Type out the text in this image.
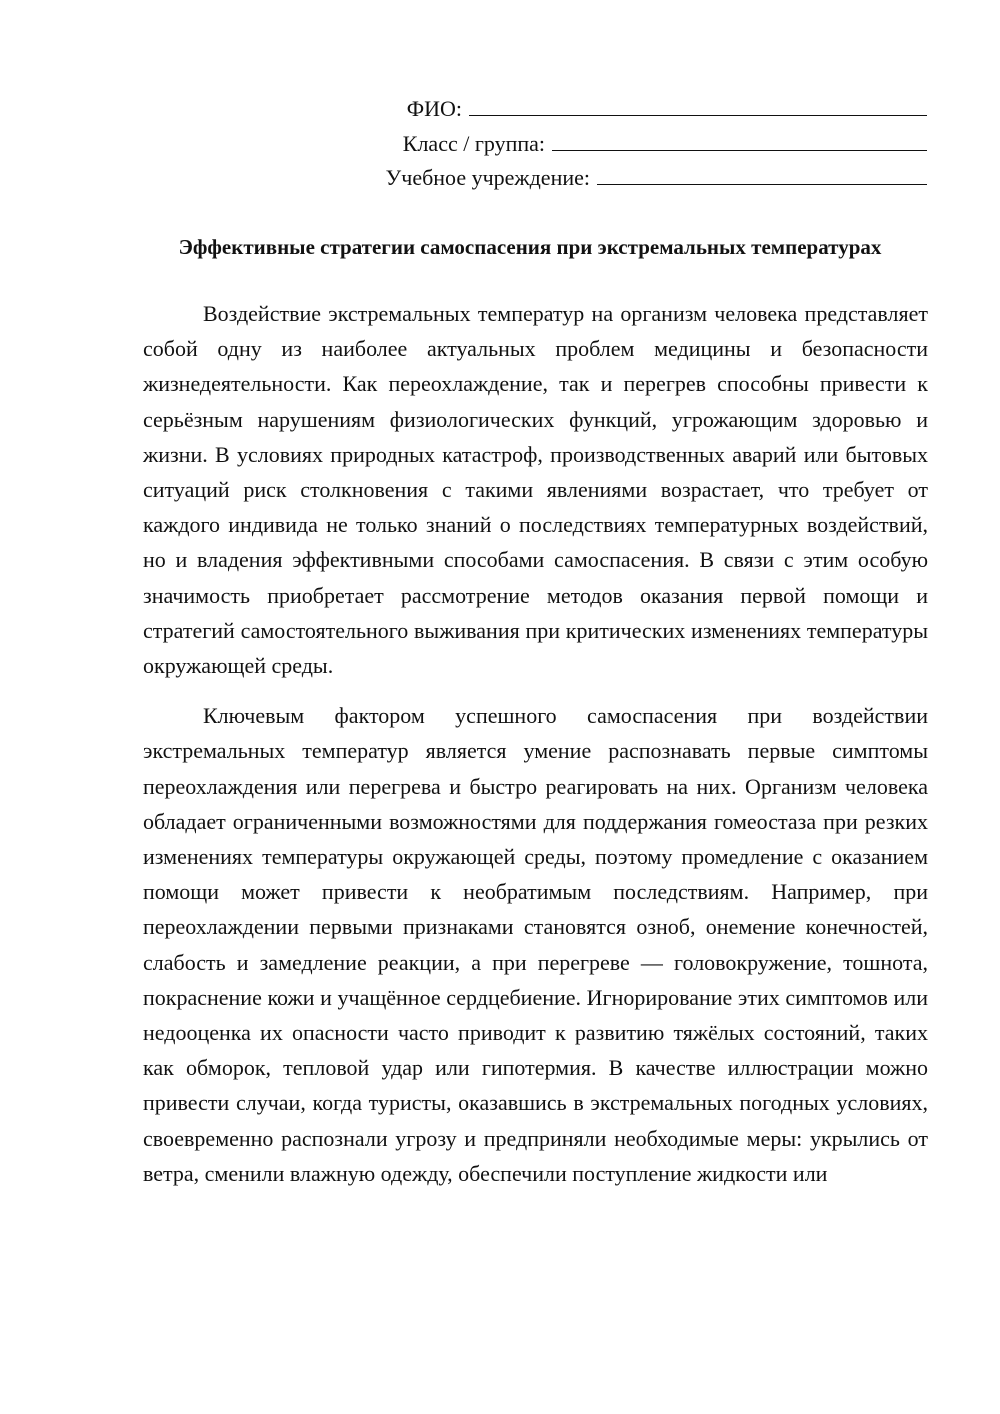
ФИО:
Класс / группа:
Учебное учреждение:
Эффективные стратегии самоспасения при экстремальных температурах

Воздействие экстремальных температур на организм человека представляет собой одну из наиболее актуальных проблем медицины и безопасности жизнедеятельности. Как переохлаждение, так и перегрев способны привести к серьёзным нарушениям физиологических функций, угрожающим здоровью и жизни. В условиях природных катастроф, производственных аварий или бытовых ситуаций риск столкновения с такими явлениями возрастает, что требует от каждого индивида не только знаний о последствиях температурных воздействий, но и владения эффективными способами самоспасения. В связи с этим особую значимость приобретает рассмотрение методов оказания первой помощи и стратегий самостоятельного выживания при критических изменениях температуры окружающей среды.

Ключевым фактором успешного самоспасения при воздействии экстремальных температур является умение распознавать первые симптомы переохлаждения или перегрева и быстро реагировать на них. Организм человека обладает ограниченными возможностями для поддержания гомеостаза при резких изменениях температуры окружающей среды, поэтому промедление с оказанием помощи может привести к необратимым последствиям. Например, при переохлаждении первыми признаками становятся озноб, онемение конечностей, слабость и замедление реакции, а при перегреве — головокружение, тошнота, покраснение кожи и учащённое сердцебиение. Игнорирование этих симптомов или недооценка их опасности часто приводит к развитию тяжёлых состояний, таких как обморок, тепловой удар или гипотермия. В качестве иллюстрации можно привести случаи, когда туристы, оказавшись в экстремальных погодных условиях, своевременно распознали угрозу и предприняли необходимые меры: укрылись от ветра, сменили влажную одежду, обеспечили поступление жидкости или
